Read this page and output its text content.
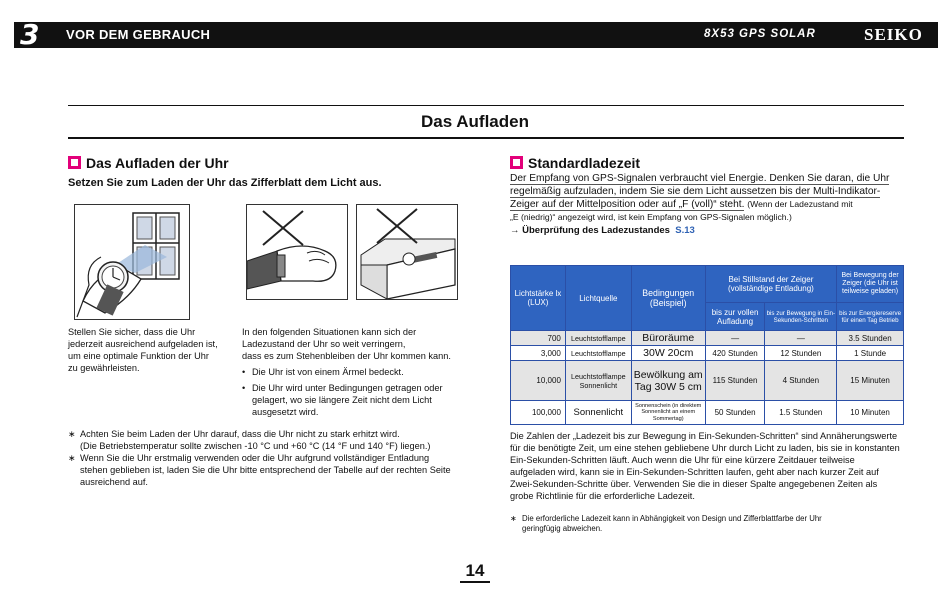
3 VOR DEM GEBRAUCH	8X53 GPS SOLAR	SEIKO
Das Aufladen
Das Aufladen der Uhr
Setzen Sie zum Laden der Uhr das Zifferblatt dem Licht aus.

Stellen Sie sicher, dass die Uhr

jederzeit ausreichend aufgeladen ist,

um eine optimale Funktion der Uhr

zu gewährleisten.

In den folgenden Situationen kann sich der

Ladezustand der Uhr so weit verringern,

dass es zum Stehenbleiben der Uhr kommen kann.

• Die Uhr ist von einem Ärmel bedeckt.
• Die Uhr wird unter Bedingungen getragen oder gelagert, wo sie längere Zeit nicht dem Licht ausgesetzt wird.

∗ Achten Sie beim Laden der Uhr darauf, dass die Uhr nicht zu stark erhitzt wird.

(Die Betriebstemperatur sollte zwischen -10 °C und +60 °C (14 °F und 140 °F) liegen.)

∗ Wenn Sie die Uhr erstmalig verwenden oder die Uhr aufgrund vollständiger Entladung

stehen geblieben ist, laden Sie die Uhr bitte entsprechend der Tabelle auf der rechten Seite ausreichend auf.

Standardladezeit
Der Empfang von GPS-Signalen verbraucht viel Energie. Denken Sie daran, die Uhr
regelmäßig aufzuladen, indem Sie sie dem Licht aussetzen bis der Multi-Indikator-
Zeiger auf der Mittelposition oder auf „F (voll)“ steht. (Wenn der Ladezustand mit
„E (niedrig)“ angezeigt wird, ist kein Empfang von GPS-Signalen möglich.)
→ Überprüfung des Ladezustandes S.13
Lichtstärke lx (LUX)	Lichtquelle	Bedingungen (Beispiel)	Bei Stillstand der Zeiger (vollständige Entladung)		Bei Bewegung der Zeiger (die Uhr ist teilweise geladen)
			bis zur vollen Aufladung	bis zur Bewegung in Ein-Sekunden-Schritten	bis zur Energiereserve für einen Tag Betrieb
700	Leuchtstofflampe	Büroräume	—	—	3.5 Stunden
3,000	Leuchtstofflampe	30W 20cm	420 Stunden	12 Stunden	1 Stunde
10,000	Leuchtstofflampe Sonnenlicht	Bewölkung am Tag 30W 5 cm	115 Stunden	4 Stunden	15 Minuten
100,000	Sonnenlicht	Sonnenschein (in direktem Sonnenlicht an einem Sommertag)	50 Stunden	1.5 Stunden	10 Minuten

Die Zahlen der „Ladezeit bis zur Bewegung in Ein-Sekunden-Schritten“ sind Annäherungswerte

für die benötigte Zeit, um eine stehen gebliebene Uhr durch Licht zu laden, bis sie in konstanten

Ein-Sekunden-Schritten läuft. Auch wenn die Uhr für eine kürzere Zeitdauer teilweise

aufgeladen wird, kann sie in Ein-Sekunden-Schritten laufen, geht aber nach kurzer Zeit auf

Zwei-Sekunden-Schritte über. Verwenden Sie die in dieser Spalte angegebenen Zeiten als

grobe Richtlinie für die erforderliche Ladezeit.

∗ Die erforderliche Ladezeit kann in Abhängigkeit von Design und Zifferblattfarbe der Uhr

geringfügig abweichen.

14
